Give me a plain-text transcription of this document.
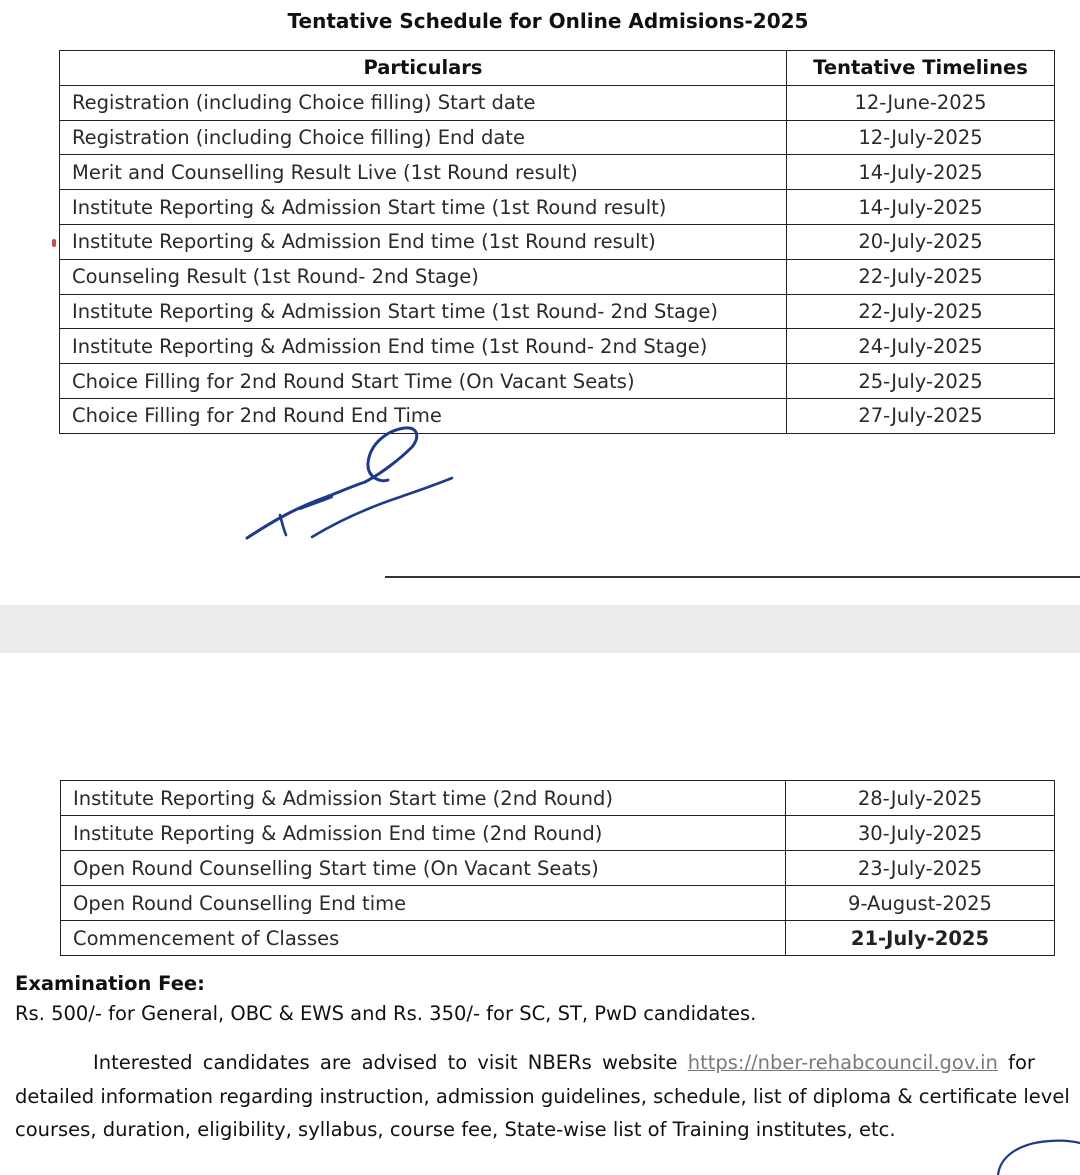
Tentative Schedule for Online Admisions-2025
Particulars	Tentative Timelines
Registration (including Choice filling) Start date	12-June-2025
Registration (including Choice filling) End date	12-July-2025
Merit and Counselling Result Live (1st Round result)	14-July-2025
Institute Reporting & Admission Start time (1st Round result)	14-July-2025
Institute Reporting & Admission End time (1st Round result)	20-July-2025
Counseling Result (1st Round- 2nd Stage)	22-July-2025
Institute Reporting & Admission Start time (1st Round- 2nd Stage)	22-July-2025
Institute Reporting & Admission End time (1st Round- 2nd Stage)	24-July-2025
Choice Filling for 2nd Round Start Time (On Vacant Seats)	25-July-2025
Choice Filling for 2nd Round End Time	27-July-2025
Institute Reporting & Admission Start time (2nd Round)	28-July-2025
Institute Reporting & Admission End time (2nd Round)	30-July-2025
Open Round Counselling Start time (On Vacant Seats)	23-July-2025
Open Round Counselling End time	9-August-2025
Commencement of Classes	21-July-2025
Examination Fee:
Rs. 500/- for General, OBC & EWS and Rs. 350/- for SC, ST, PwD candidates.
Interested candidates are advised to visit NBERs website https://nber-rehabcouncil.gov.in for
detailed information regarding instruction, admission guidelines, schedule, list of diploma & certificate level
courses, duration, eligibility, syllabus, course fee, State-wise list of Training institutes, etc.
